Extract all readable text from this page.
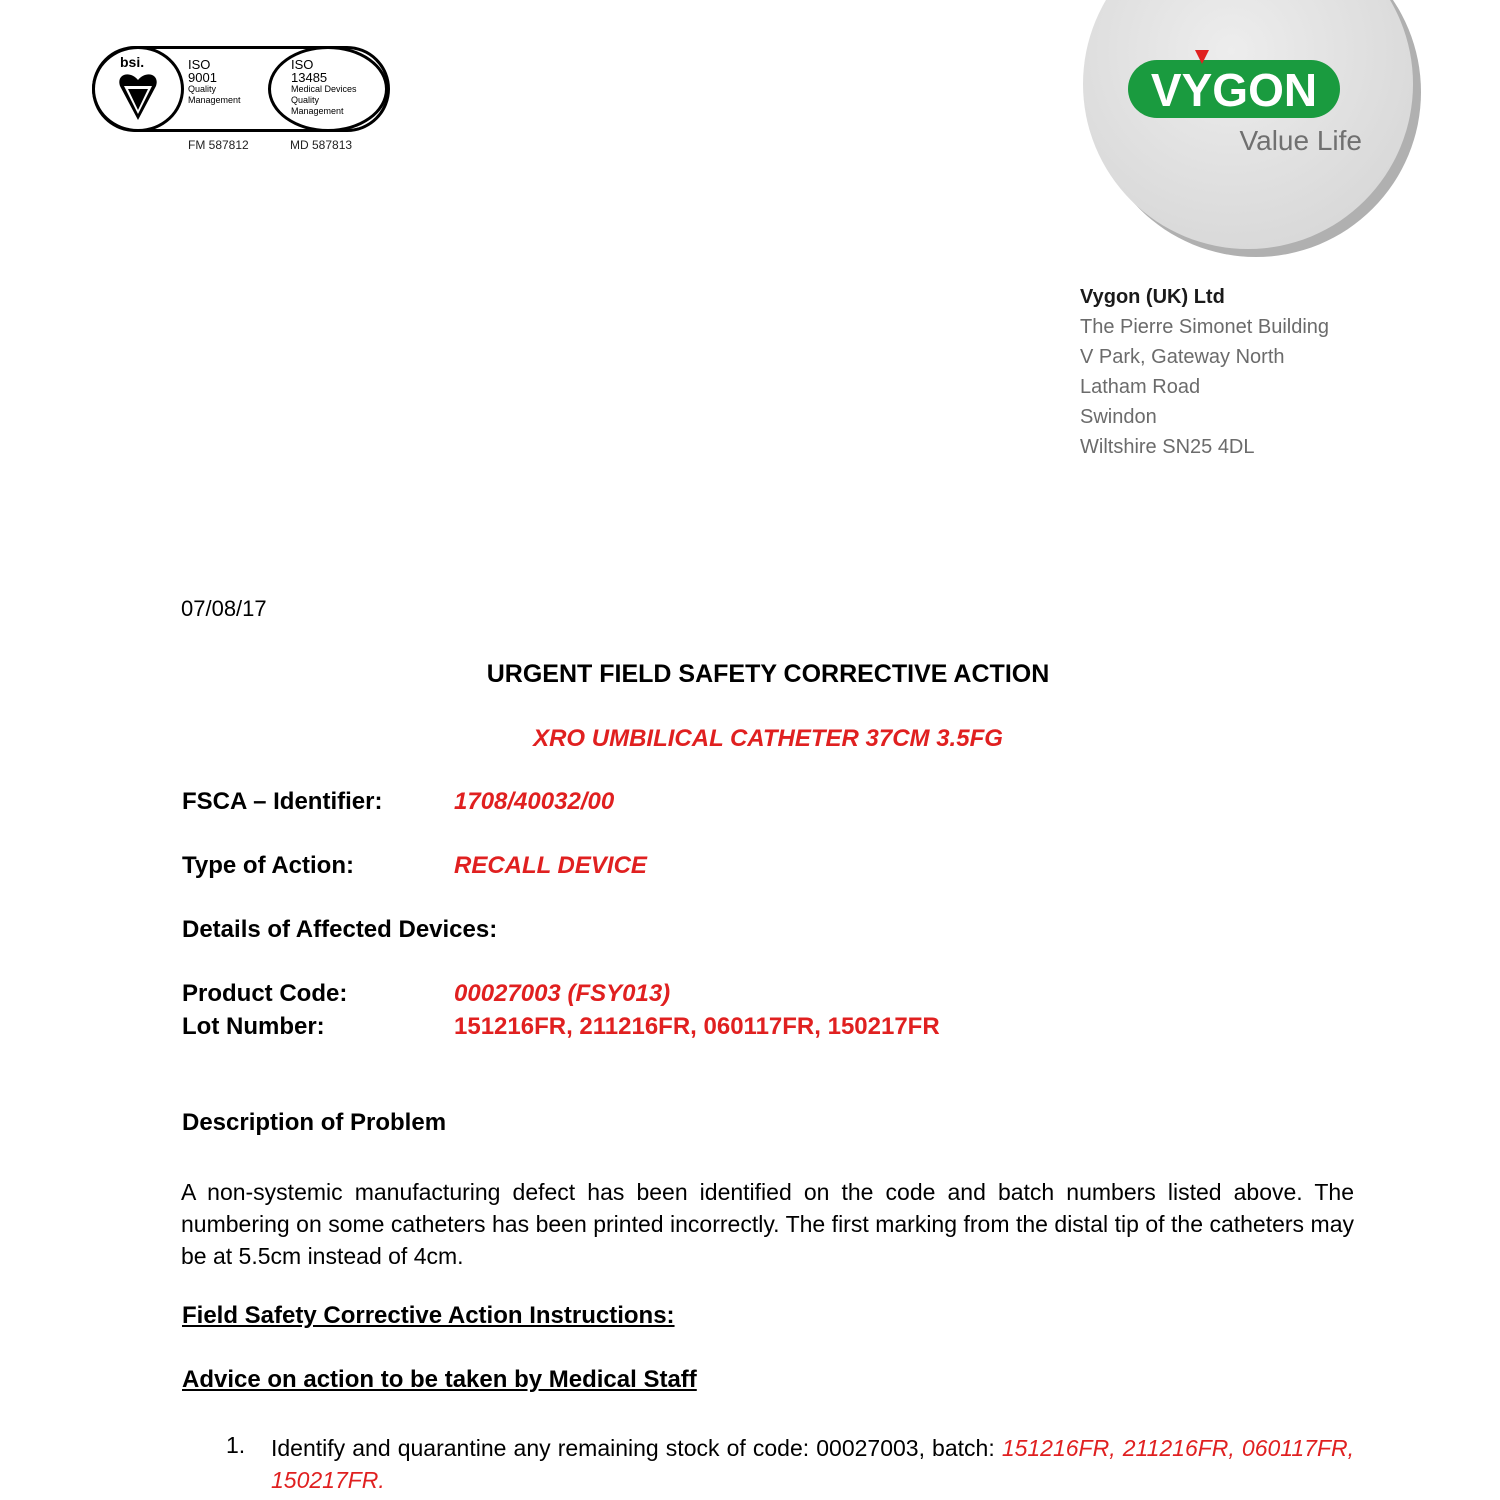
bsi.	ISO
9001
Quality
Management
ISO
13485
Medical Devices
Quality
Management
FM 587812	MD 587813
VYGON
Value Life
Vygon (UK) Ltd
The Pierre Simonet Building
V Park, Gateway North
Latham Road
Swindon
Wiltshire SN25 4DL
07/08/17
URGENT FIELD SAFETY CORRECTIVE ACTION
XRO UMBILICAL CATHETER 37CM 3.5FG
FSCA – Identifier:	1708/40032/00
Type of Action:	RECALL DEVICE
Details of Affected Devices:
Product Code:	00027003 (FSY013)
Lot Number:	151216FR, 211216FR, 060117FR, 150217FR
Description of Problem
A non-systemic manufacturing defect has been identified on the code and batch numbers listed above. The numbering on some catheters has been printed incorrectly. The first marking from the distal tip of the catheters may be at 5.5cm instead of 4cm.
Field Safety Corrective Action Instructions:
Advice on action to be taken by Medical Staff
1. Identify and quarantine any remaining stock of code: 00027003, batch: 151216FR, 211216FR, 060117FR, 150217FR.
